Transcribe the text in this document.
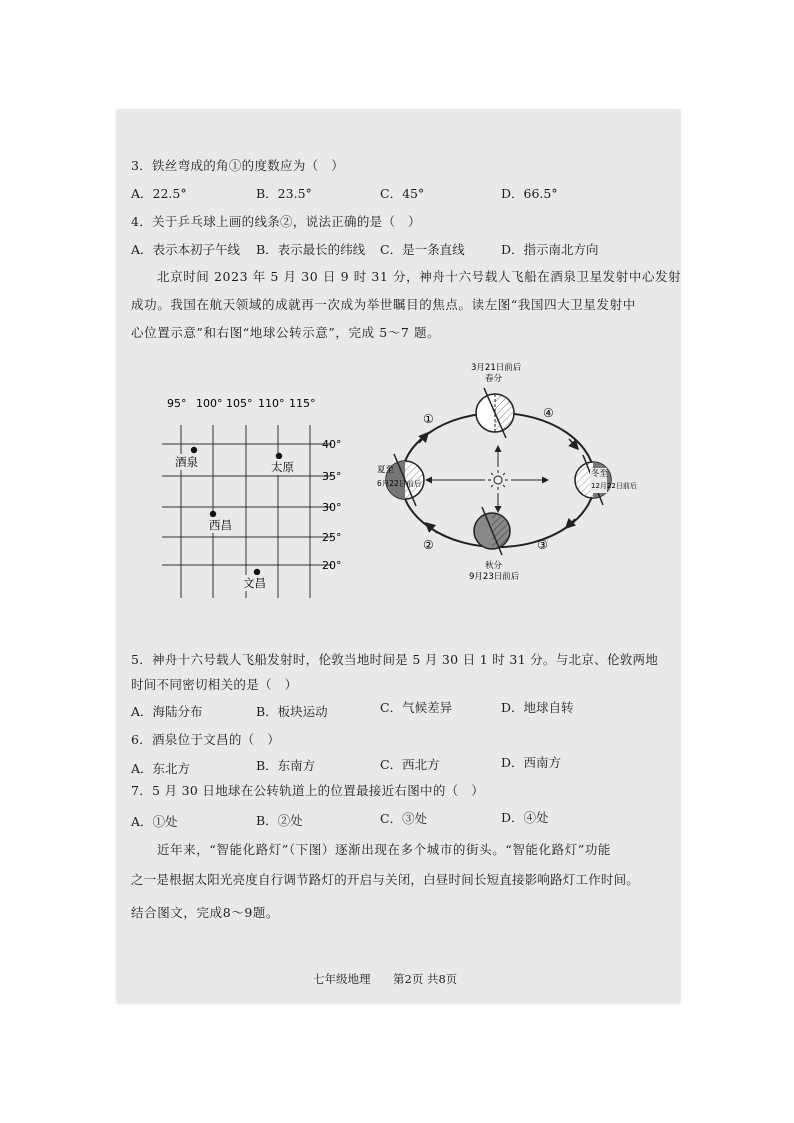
3．铁丝弯成的角①的度数应为（　）
A．22.5°	B．23.5°	C．45°	D．66.5°
4．关于乒乓球上画的线条②，说法正确的是（　）
A．表示本初子午线 B．表示最长的纬线 C．是一条直线	D．指示南北方向
北京时间 2023 年 5 月 30 日 9 时 31 分，神舟十六号载人飞船在酒泉卫星发射中心发射
成功。我国在航天领域的成就再一次成为举世瞩目的焦点。读左图“我国四大卫星发射中
心位置示意”和右图“地球公转示意”，完成 5～7 题。
95° 100° 105° 110° 115°
40°
35°
30°
25°
20°
酒泉	太原
西昌
文昌
3月21日前后
春分
夏至
6月22日前后
冬至
12月22日前后
秋分
9月23日前后
①
②	③
④
5．神舟十六号载人飞船发射时，伦敦当地时间是 5 月 30 日 1 时 31 分。与北京、伦敦两地
时间不同密切相关的是（　）
A．海陆分布	B．板块运动	C．气候差异	D．地球自转
6．酒泉位于文昌的（　）
A．东北方	B．东南方	C．西北方	D．西南方
7．5 月 30 日地球在公转轨道上的位置最接近右图中的（　）
A．①处	B．②处	C．③处	D．④处
近年来，“智能化路灯”（下图）逐渐出现在多个城市的街头。“智能化路灯”功能
之一是根据太阳光亮度自行调节路灯的开启与关闭，白昼时间长短直接影响路灯工作时间。
结合图文，完成8～9题。
七年级地理 第2页 共8页
